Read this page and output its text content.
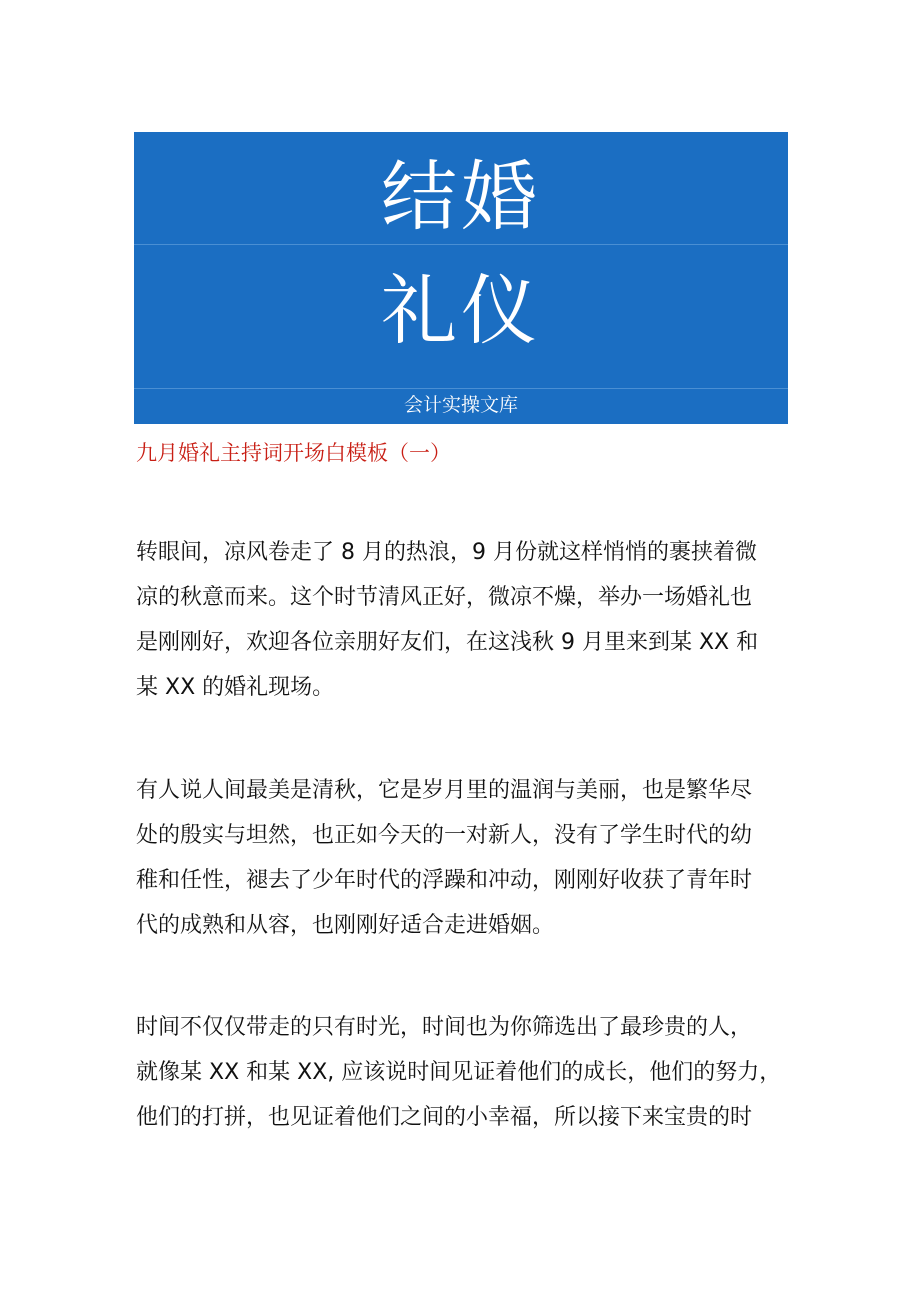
结婚
礼仪
会计实操文库
九月婚礼主持词开场白模板（一）
转眼间，凉风卷走了 8 月的热浪，9 月份就这样悄悄的裹挟着微
凉的秋意而来。这个时节清风正好，微凉不燥，举办一场婚礼也
是刚刚好，欢迎各位亲朋好友们，在这浅秋 9 月里来到某 XX 和
某 XX 的婚礼现场。
有人说人间最美是清秋，它是岁月里的温润与美丽，也是繁华尽
处的殷实与坦然，也正如今天的一对新人，没有了学生时代的幼
稚和任性，褪去了少年时代的浮躁和冲动，刚刚好收获了青年时
代的成熟和从容，也刚刚好适合走进婚姻。
时间不仅仅带走的只有时光，时间也为你筛选出了最珍贵的人，
就像某 XX 和某 XX, 应该说时间见证着他们的成长，他们的努力，
他们的打拼，也见证着他们之间的小幸福，所以接下来宝贵的时
